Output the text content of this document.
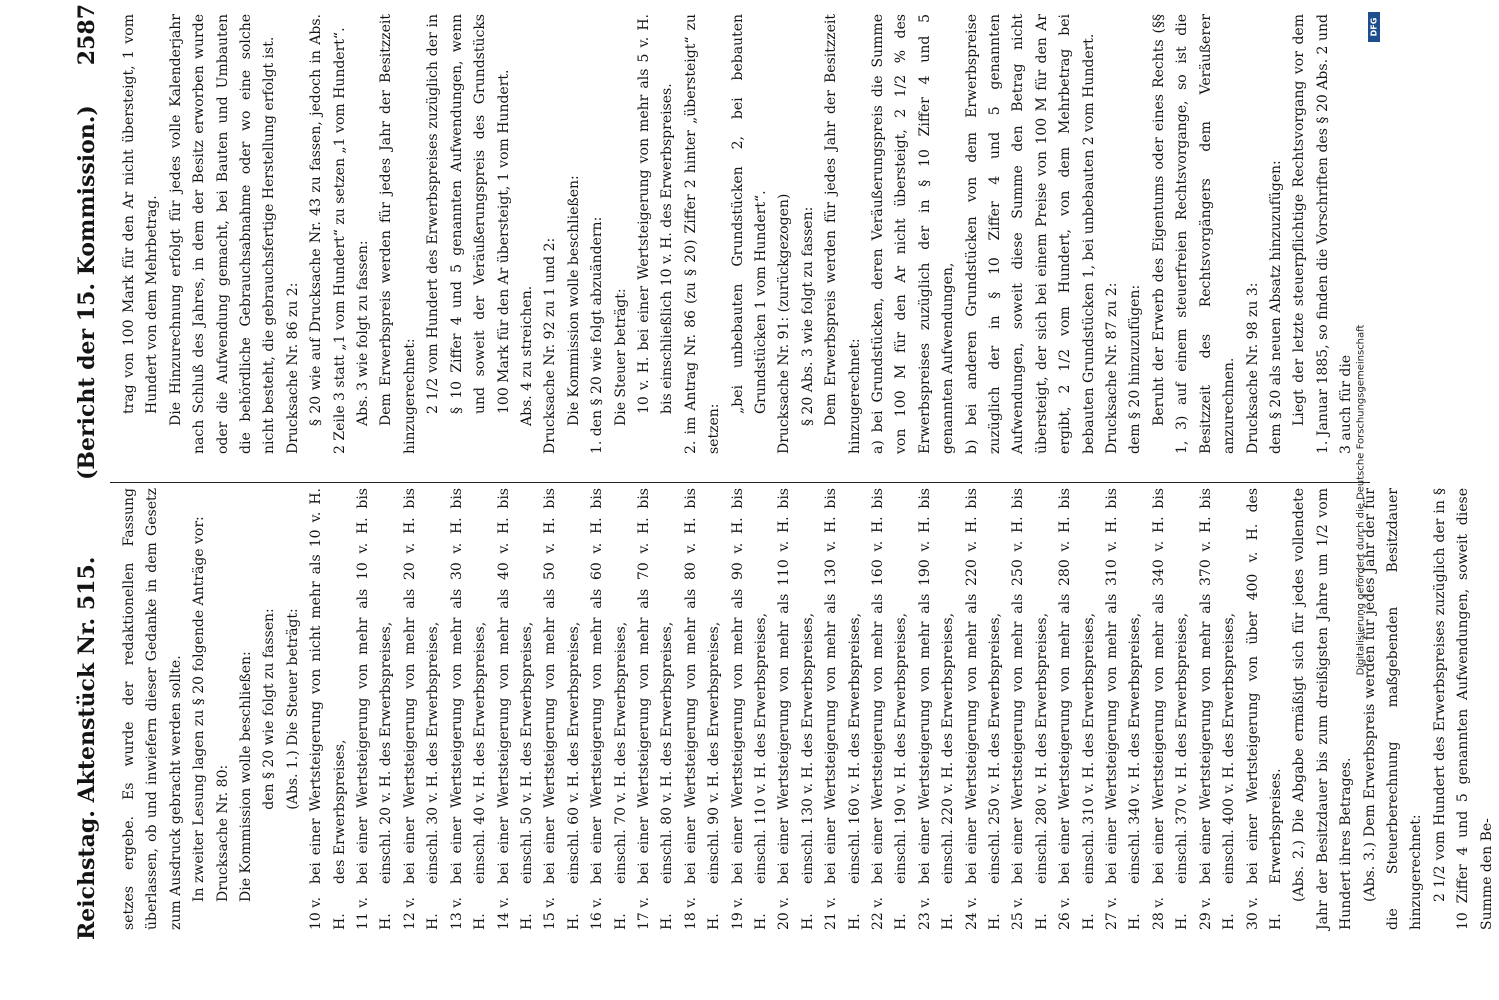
Reichstag. Aktenstück Nr. 515.
(Bericht der 15. Kommission.)
2587

setzes ergebe. Es wurde der redaktionellen Fassung überlassen, ob und inwiefern dieser Gedanke in dem Gesetz zum Ausdruck gebracht werden sollte. In zweiter Lesung lagen zu § 20 folgende Anträge vor: Drucksache Nr. 80: Die Kommission wolle beschließen: den § 20 wie folgt zu fassen: (Abs. 1.) Die Steuer beträgt:

10 v. H.
bei einer Wertsteigerung von nicht mehr als 10 v. H. des Erwerbspreises,
11 v. H.
bei einer Wertsteigerung von mehr als 10 v. H. bis einschl. 20 v. H. des Erwerbspreises,
12 v. H.
bei einer Wertsteigerung von mehr als 20 v. H. bis einschl. 30 v. H. des Erwerbspreises,
13 v. H.
bei einer Wertsteigerung von mehr als 30 v. H. bis einschl. 40 v. H. des Erwerbspreises,
14 v. H.
bei einer Wertsteigerung von mehr als 40 v. H. bis einschl. 50 v. H. des Erwerbspreises,
15 v. H.
bei einer Wertsteigerung von mehr als 50 v. H. bis einschl. 60 v. H. des Erwerbspreises,
16 v. H.
bei einer Wertsteigerung von mehr als 60 v. H. bis einschl. 70 v. H. des Erwerbspreises,
17 v. H.
bei einer Wertsteigerung von mehr als 70 v. H. bis einschl. 80 v. H. des Erwerbspreises,
18 v. H.
bei einer Wertsteigerung von mehr als 80 v. H. bis einschl. 90 v. H. des Erwerbspreises,
19 v. H.
bei einer Wertsteigerung von mehr als 90 v. H. bis einschl. 110 v. H. des Erwerbspreises,
20 v. H.
bei einer Wertsteigerung von mehr als 110 v. H. bis einschl. 130 v. H. des Erwerbspreises,
21 v. H.
bei einer Wertsteigerung von mehr als 130 v. H. bis einschl. 160 v. H. des Erwerbspreises,
22 v. H.
bei einer Wertsteigerung von mehr als 160 v. H. bis einschl. 190 v. H. des Erwerbspreises,
23 v. H.
bei einer Wertsteigerung von mehr als 190 v. H. bis einschl. 220 v. H. des Erwerbspreises,
24 v. H.
bei einer Wertsteigerung von mehr als 220 v. H. bis einschl. 250 v. H. des Erwerbspreises,
25 v. H.
bei einer Wertsteigerung von mehr als 250 v. H. bis einschl. 280 v. H. des Erwerbspreises,
26 v. H.
bei einer Wertsteigerung von mehr als 280 v. H. bis einschl. 310 v. H. des Erwerbspreises,
27 v. H.
bei einer Wertsteigerung von mehr als 310 v. H. bis einschl. 340 v. H. des Erwerbspreises,
28 v. H.
bei einer Wertsteigerung von mehr als 340 v. H. bis einschl. 370 v. H. des Erwerbspreises,
29 v. H.
bei einer Wertsteigerung von mehr als 370 v. H. bis einschl. 400 v. H. des Erwerbspreises,
30 v. H.
bei einer Wertsteigerung von über 400 v. H. des Erwerbspreises. (Abs. 2.) Die Abgabe ermäßigt sich für jedes vollendete Jahr der Besitzdauer bis zum dreißigsten Jahre um 1/2 vom Hundert ihres Betrages. (Abs. 3.) Dem Erwerbspreis werden für jedes Jahr der für die Steuerberechnung maßgebenden Besitzdauer hinzugerechnet: 2 1/2 vom Hundert des Erwerbspreises zuzüglich der in § 10 Ziffer 4 und 5 genannten Aufwendungen, soweit diese Summe den Be-

trag von 100 Mark für den Ar nicht übersteigt, 1 vom Hundert von dem Mehrbetrag. Die Hinzurechnung erfolgt für jedes volle Kalenderjahr nach Schluß des Jahres, in dem der Besitz erworben wurde oder die Aufwendung gemacht, bei Bauten und Umbauten die behördliche Gebrauchsabnahme oder wo eine solche nicht besteht, die gebrauchsfertige Herstellung erfolgt ist. Drucksache Nr. 86 zu 2: § 20 wie auf Drucksache Nr. 43 zu fassen, jedoch in Abs. 2 Zeile 3 statt „1 vom Hundert“ zu setzen „1 vom Hundert“. Abs. 3 wie folgt zu fassen: Dem Erwerbspreis werden für jedes Jahr der Besitzzeit hinzugerechnet: 2 1/2 vom Hundert des Erwerbspreises zuzüglich der in § 10 Ziffer 4 und 5 genannten Aufwendungen, wenn und soweit der Veräußerungspreis des Grundstücks 100 Mark für den Ar übersteigt, 1 vom Hundert. Abs. 4 zu streichen. Drucksache Nr. 92 zu 1 und 2: Die Kommission wolle beschließen: 1. den § 20 wie folgt abzuändern: Die Steuer beträgt: 10 v. H. bei einer Wertsteigerung von mehr als 5 v. H. bis einschließlich 10 v. H. des Erwerbspreises. 2. im Antrag Nr. 86 (zu § 20) Ziffer 2 hinter „übersteigt“ zu setzen:

„bei unbebauten Grundstücken 2, bei bebauten Grundstücken 1 vom Hundert“. Drucksache Nr. 91: (zurückgezogen) § 20 Abs. 3 wie folgt zu fassen: Dem Erwerbspreis werden für jedes Jahr der Besitzzeit hinzugerechnet: a) bei Grundstücken, deren Veräußerungspreis die Summe von 100 M für den Ar nicht übersteigt, 2 1/2 % des Erwerbspreises zuzüglich der in § 10 Ziffer 4 und 5 genannten Aufwendungen, b) bei anderen Grundstücken von dem Erwerbspreise zuzüglich der in § 10 Ziffer 4 und 5 genannten Aufwendungen, soweit diese Summe den Betrag nicht übersteigt, der sich bei einem Preise von 100 M für den Ar ergibt, 2 1/2 vom Hundert, von dem Mehrbetrag bei bebauten Grundstücken 1, bei unbebauten 2 vom Hundert. Drucksache Nr. 87 zu 2: dem § 20 hinzuzufügen: Beruht der Erwerb des Eigentums oder eines Rechts (§§ 1, 3) auf einem steuerfreien Rechtsvorgange, so ist die Besitzzeit des Rechtsvorgängers dem Veräußerer anzurechnen. Drucksache Nr. 98 zu 3: dem § 20 als neuen Absatz hinzuzufügen: Liegt der letzte steuerpflichtige Rechtsvorgang vor dem 1. Januar 1885, so finden die Vorschriften des § 20 Abs. 2 und 3 auch für die Digitalisierung gefördert durch die Deutsche Forschungsgemeinschaft
DFG
